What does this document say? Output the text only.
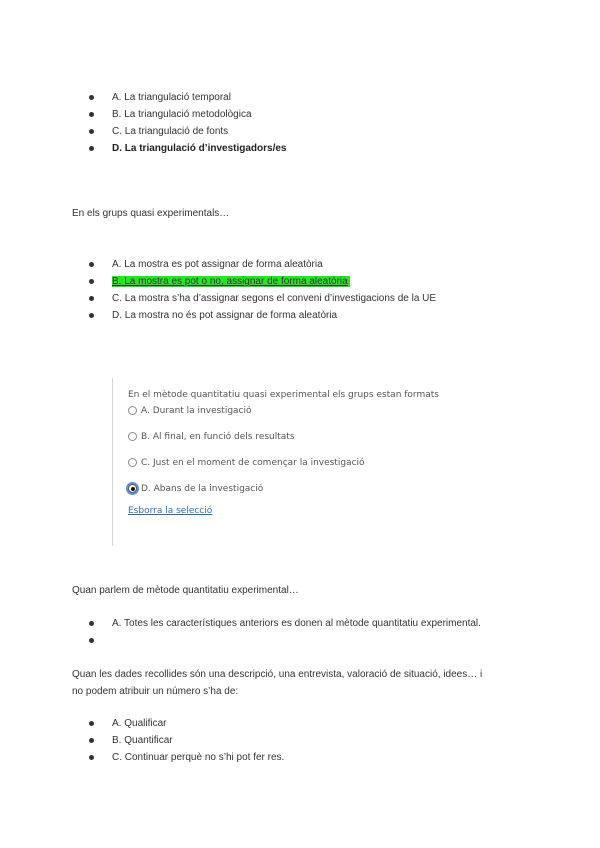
A. La triangulació temporal
B. La triangulació metodològica
C. La triangulació de fonts
D. La triangulació d’investigadors/es
En els grups quasi experimentals…
A. La mostra es pot assignar de forma aleatòria
B. La mostra es pot o no, assignar de forma aleatòria
C. La mostra s’ha d’assignar segons el conveni d’investigacions de la UE
D. La mostra no és pot assignar de forma aleatòria
En el mètode quantitatiu quasi experimental els grups estan formats
A. Durant la investigació
B. Al final, en funció dels resultats
C. Just en el moment de començar la investigació
D. Abans de la investigació
Esborra la selecció
Quan parlem de mètode quantitatiu experimental…
A. Totes les característiques anteriors es donen al mètode quantitatiu experimental.
Quan les dades recollides són una descripció, una entrevista, valoració de situació, idees… i
no podem atribuir un número s’ha de:
A. Qualificar
B. Quantificar
C. Continuar perquè no s’hi pot fer res.
